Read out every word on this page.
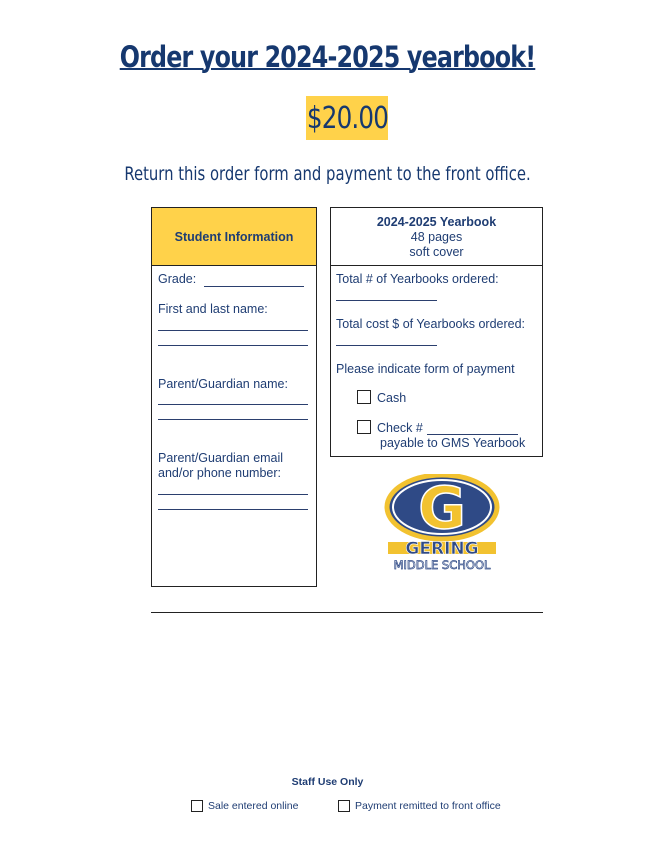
Order your 2024-2025 yearbook!
$20.00
Return this order form and payment to the front office.
Student Information
Grade:
First and last name:
Parent/Guardian name:
Parent/Guardian email
and/or phone number:
2024-2025 Yearbook
48 pages
soft cover
Total # of Yearbooks ordered:
Total cost $ of Yearbooks ordered:
Please indicate form of payment
Cash
Check #
payable to GMS Yearbook
G
GERING
MIDDLE SCHOOL
Staff Use Only
Sale entered online	Payment remitted to front office
